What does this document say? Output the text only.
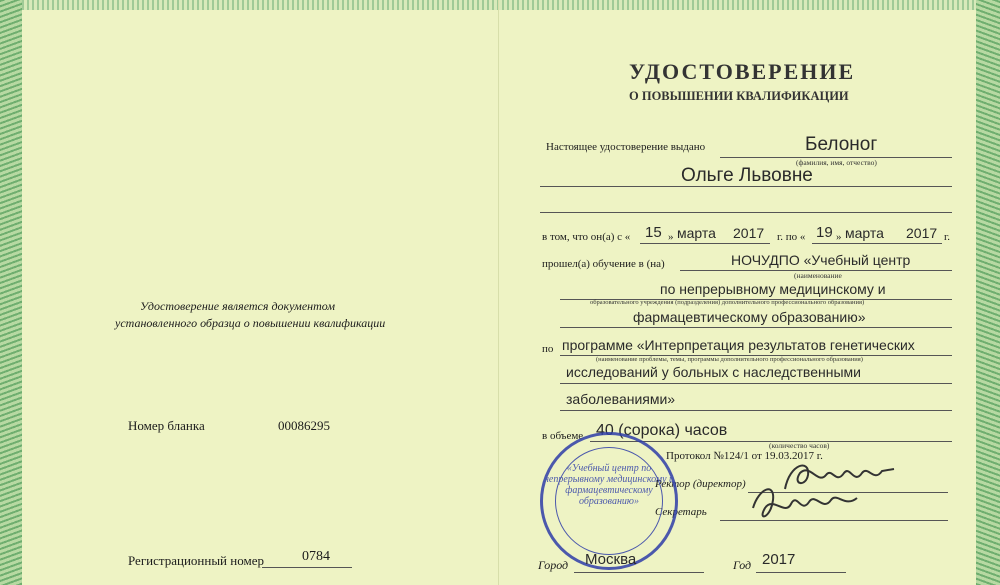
Удостоверение является документом
установленного образца о повышении квалификации
Номер бланка	00086295
Регистрационный номер	0784
УДОСТОВЕРЕНИЕ
О ПОВЫШЕНИИ КВАЛИФИКАЦИИ
Настоящее удостоверение выдано	Белоног
(фамилия, имя, отчество)
Ольге Львовне
в том, что он(а) с « 15 » марта 2017 г. по « 19 » марта 2017 г.
прошел(а) обучение в (на)	НОЧУДПО «Учебный центр
(наименование
по непрерывному медицинскому и
образовательного учреждения (подразделения) дополнительного профессионального образования)
фармацевтическому образованию»
по программе «Интерпретация результатов генетических
(наименование проблемы, темы, программы дополнительного профессионального образования)
исследований у больных с наследственными
заболеваниями»
в объеме 40 (сорока) часов
(количество часов)
Протокол №124/1 от 19.03.2017 г.
Ректор (директор)
Секретарь
«Учебный центр по непрерывному медицинскому и фармацевтическому образованию»
Город Москва	Год 2017
